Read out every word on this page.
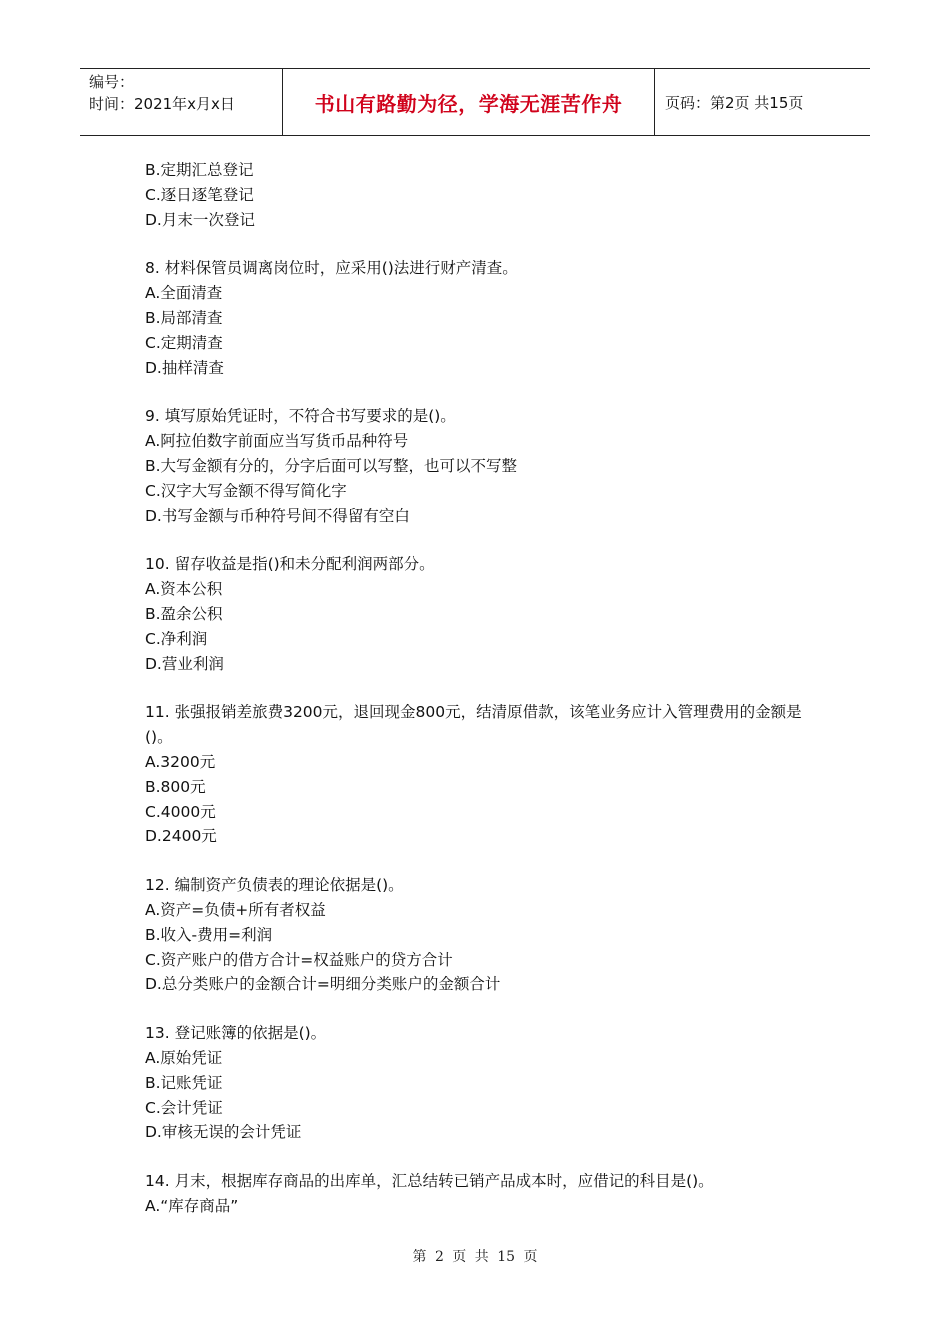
编号：
时间：2021年x月x日	书山有路勤为径，学海无涯苦作舟	页码：第2页 共15页
B.定期汇总登记
C.逐日逐笔登记
D.月末一次登记
8. 材料保管员调离岗位时，应采用()法进行财产清查。
A.全面清查
B.局部清查
C.定期清查
D.抽样清查
9. 填写原始凭证时，不符合书写要求的是()。
A.阿拉伯数字前面应当写货币品种符号
B.大写金额有分的，分字后面可以写整，也可以不写整
C.汉字大写金额不得写简化字
D.书写金额与币种符号间不得留有空白
10. 留存收益是指()和未分配利润两部分。
A.资本公积
B.盈余公积
C.净利润
D.营业利润
11. 张强报销差旅费3200元，退回现金800元，结清原借款，该笔业务应计入管理费用的金额是()。
A.3200元
B.800元
C.4000元
D.2400元
12. 编制资产负债表的理论依据是()。
A.资产=负债+所有者权益
B.收入-费用=利润
C.资产账户的借方合计=权益账户的贷方合计
D.总分类账户的金额合计=明细分类账户的金额合计
13. 登记账簿的依据是()。
A.原始凭证
B.记账凭证
C.会计凭证
D.审核无误的会计凭证
14. 月末，根据库存商品的出库单，汇总结转已销产品成本时，应借记的科目是()。
A.“库存商品”
第 2 页 共 15 页
